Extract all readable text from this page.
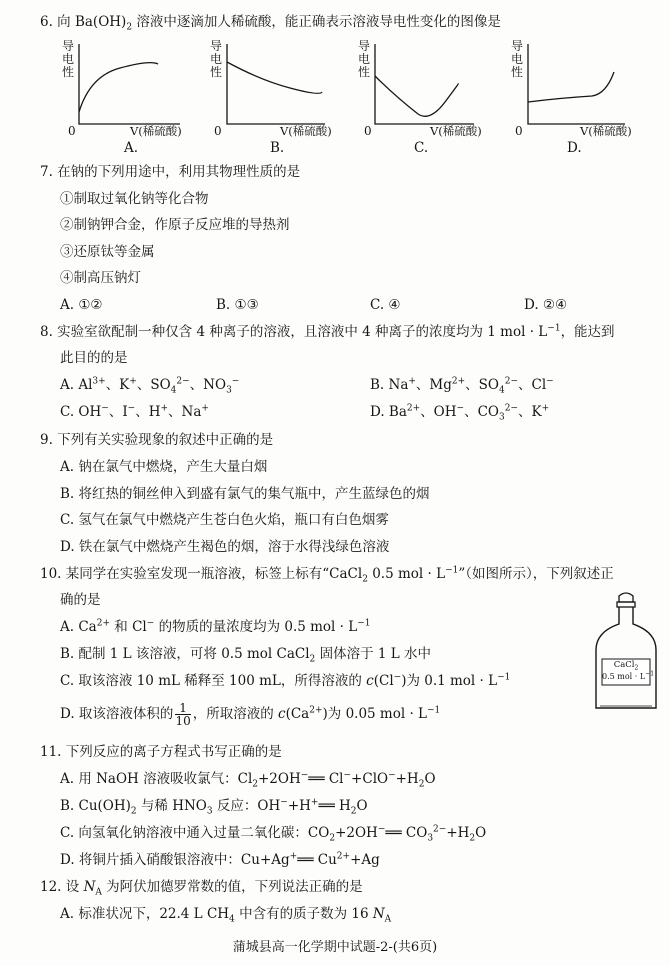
6. 向 $Ba(OH)_2$ 溶液中逐滴加人稀硫酸，能正确表示溶液导电性变化的图像是
导
电
性
导
电
性
导
电
性
导
电
性
0	0	0	0
V(稀硫酸)	V(稀硫酸)	V(稀硫酸)	V(稀硫酸)
A.	B.	C.	D.
7. 在钠的下列用途中，利用其物理性质的是
①制取过氧化钠等化合物
②制钠钾合金，作原子反应堆的导热剂
③还原钛等金属
④制高压钠灯
A. ①②	B. ①③	C. ④	D. ②④
8. 实验室欲配制一种仅含 4 种离子的溶液，且溶液中 4 种离子的浓度均为 1 mol · $L^{-1}$，能达到
此目的的是
A. $Al^{3+}$、K+、$SO_4^{2-}$、$NO_3^-$	B. Na+、$Mg^{2+}$、$SO_4^{2-}$、Cl−
C. OH−、I−、H+、Na+	D. $Ba^{2+}$、OH−、$CO_3^{2-}$、K+
9. 下列有关实验现象的叙述中正确的是
A. 钠在氯气中燃烧，产生大量白烟
B. 将红热的铜丝伸入到盛有氯气的集气瓶中，产生蓝绿色的烟
C. 氢气在氯气中燃烧产生苍白色火焰，瓶口有白色烟雾
D. 铁在氯气中燃烧产生褐色的烟，溶于水得浅绿色溶液
10. 某同学在实验室发现一瓶溶液，标签上标有“CaCl$_2$ 0.5 mol · $L^{-1}$”（如图所示），下列叙述正
确的是
A. $Ca^{2+}$ 和 Cl− 的物质的量浓度均为 0.5 mol · $L^{-1}$
B. 配制 1 L 该溶液，可将 0.5 mol CaCl$_2$ 固体溶于 1 L 水中
C. 取该溶液 10 mL 稀释至 100 mL，所得溶液的 c(Cl−)为 0.1 mol · $L^{-1}$
D. 取该溶液体积的 $\frac{1}{10}$ ，所取溶液的 $c(Ca^{2+})$为 0.05 mol · $L^{-1}$
CaCl$_2$
0.5 mol · $L^{-1}$
11. 下列反应的离子方程式书写正确的是
A. 用 NaOH 溶液吸收氯气：$Cl_2+2OH^-══$ $Cl^-+ClO^-+H_2O$
B. $Cu(OH)_2$ 与稀 $HNO_3$ 反应：OH−+H+══ $H_2O$
C. 向氢氧化钠溶液中通入过量二氧化碳：$CO_2+2OH^-══$ $CO_3^{2-}+H_2O$
D. 将铜片插入硝酸银溶液中：Cu+Ag+══ $Cu^{2+}+Ag$
12. 设 $N_A$ 为阿伏加德罗常数的值，下列说法正确的是
A. 标准状况下，22.4 L $CH_4$ 中含有的质子数为 16 $N_A$
蒲城县高一化学期中试题-2-(共6页)
